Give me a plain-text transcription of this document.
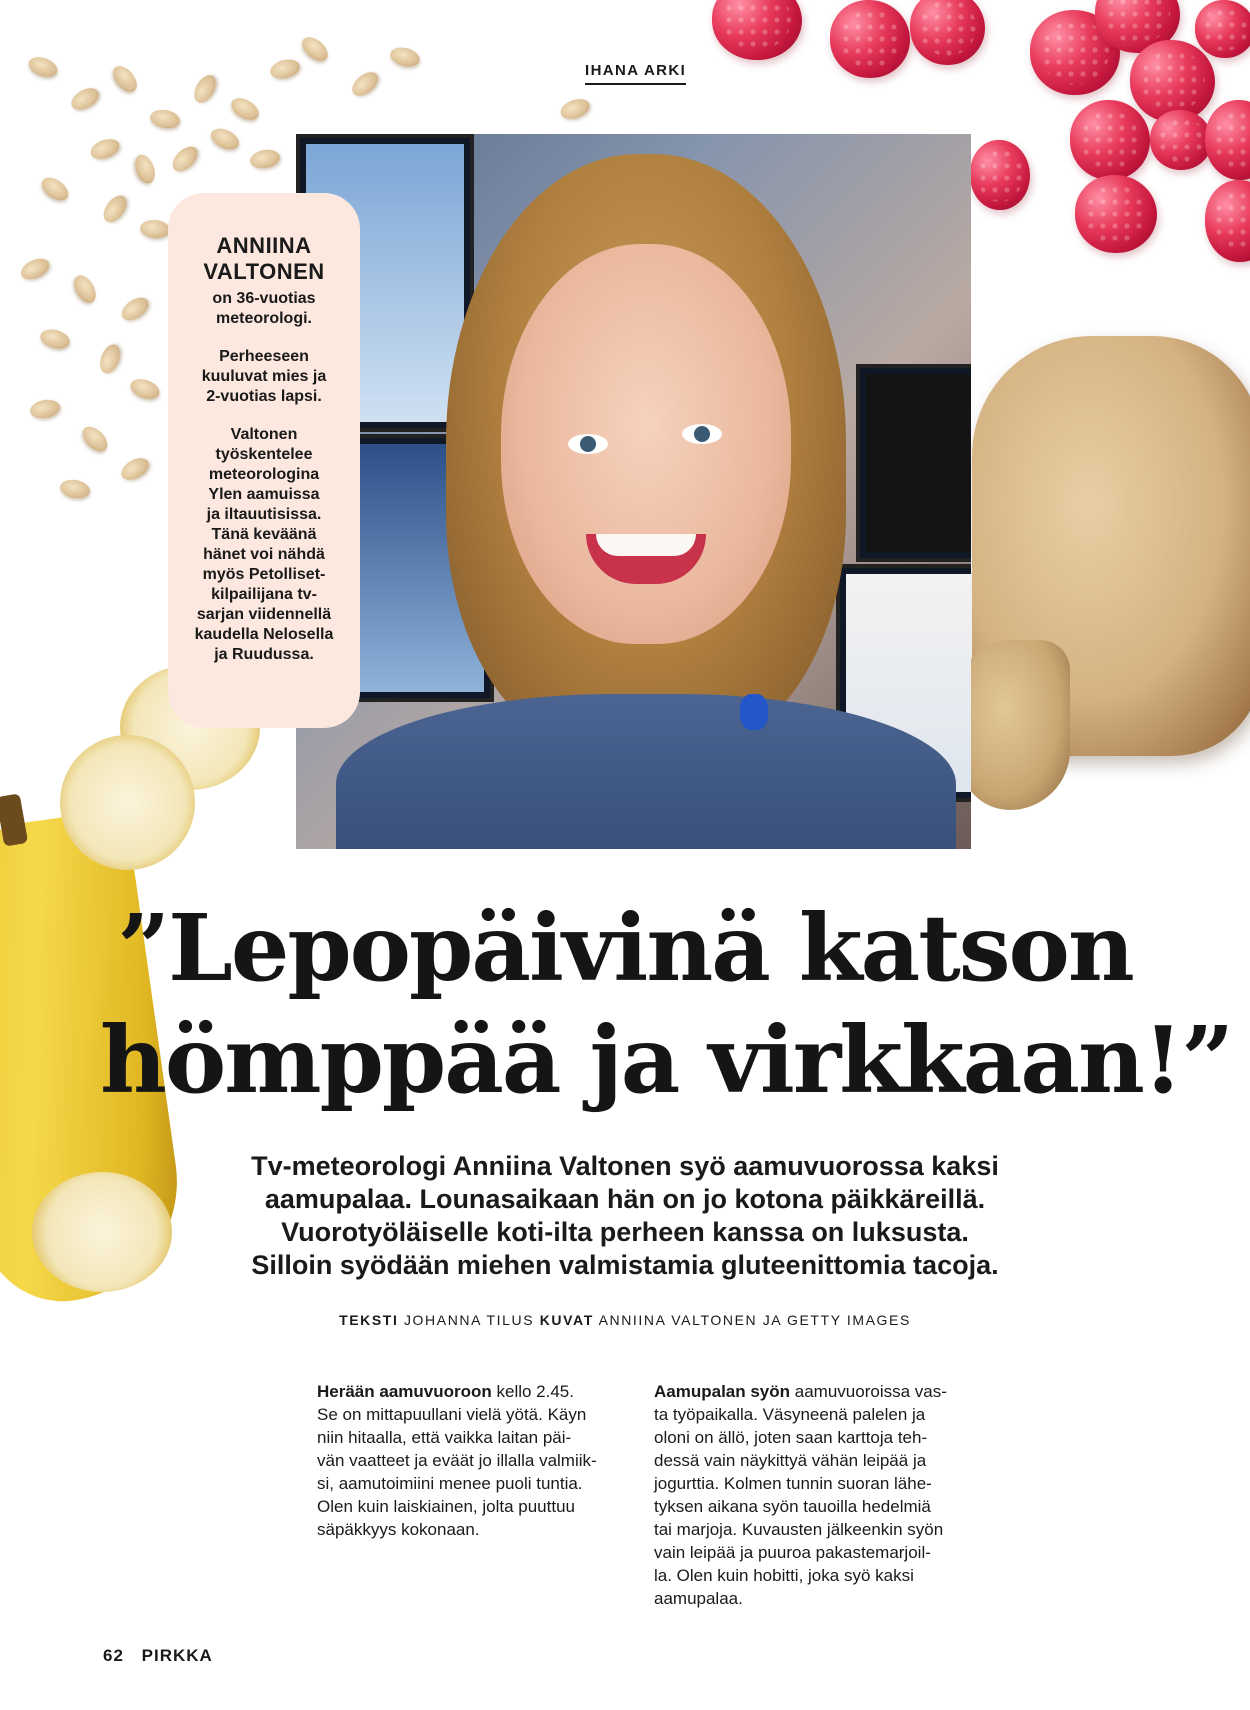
IHANA ARKI
ANNIINA
VALTONEN

on 36-vuotias
meteorologi.

Perheeseen
kuuluvat mies ja
2-vuotias lapsi.

Valtonen
työskentelee
meteorologina
Ylen aamuissa
ja iltauutisissa.
Tänä keväänä
hänet voi nähdä
myös Petolliset-
kilpailijana tv-
sarjan viidennellä
kaudella Nelosella
ja Ruudussa.

”Lepopäivinä katson
hömppää ja virkkaan!”
Tv-meteorologi Anniina Valtonen syö aamuvuorossa kaksi
aamupalaa. Lounasaikaan hän on jo kotona päikkäreillä.
Vuorotyöläiselle koti-ilta perheen kanssa on luksusta.
Silloin syödään miehen valmistamia gluteenittomia tacoja.
TEKSTI JOHANNA TILUS KUVAT ANNIINA VALTONEN JA GETTY IMAGES
Herään aamuvuoroon kello 2.45.
Se on mittapuullani vielä yötä. Käyn
niin hitaalla, että vaikka laitan päi-
vän vaatteet ja eväät jo illalla valmiik-
si, aamutoimiini menee puoli tuntia.
Olen kuin laiskiainen, jolta puuttuu
säpäkkyys kokonaan.
Aamupalan syön aamuvuoroissa vas-
ta työpaikalla. Väsyneenä palelen ja
oloni on ällö, joten saan karttoja teh-
dessä vain näykittyä vähän leipää ja
jogurttia. Kolmen tunnin suoran lähe-
tyksen aikana syön tauoilla hedelmiä
tai marjoja. Kuvausten jälkeenkin syön
vain leipää ja puuroa pakastemarjoil-
la. Olen kuin hobitti, joka syö kaksi
aamupalaa.
62 PIRKKA
